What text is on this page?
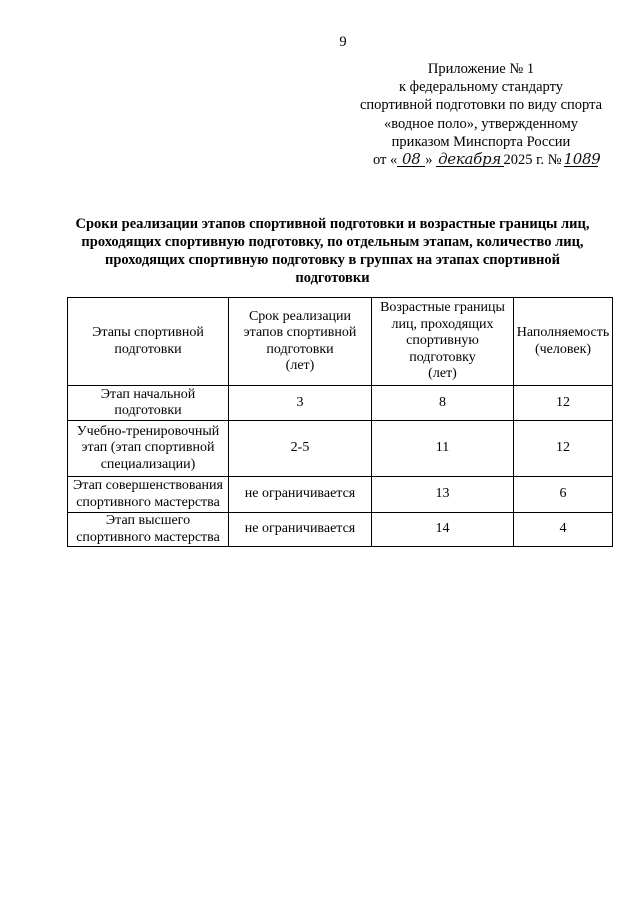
9
Приложение № 1
к федеральному стандарту
спортивной подготовки по виду спорта
«водное поло», утвержденному
приказом Минспорта России
от « 08 » декабря 2025 г. № 1089
Сроки реализации этапов спортивной подготовки и возрастные границы лиц,
проходящих спортивную подготовку, по отдельным этапам, количество лиц,
проходящих спортивную подготовку в группах на этапах спортивной
подготовки
Этапы спортивной
подготовки	Срок реализации
этапов спортивной
подготовки
(лет)	Возрастные границы
лиц, проходящих
спортивную
подготовку
(лет)	Наполняемость
(человек)

Этап начальной
подготовки	3	8	12

Учебно-тренировочный
этап (этап спортивной
специализации)	2-5	11	12

Этап совершенствования
спортивного мастерства	не ограничивается	13	6

Этап высшего
спортивного мастерства	не ограничивается	14	4
